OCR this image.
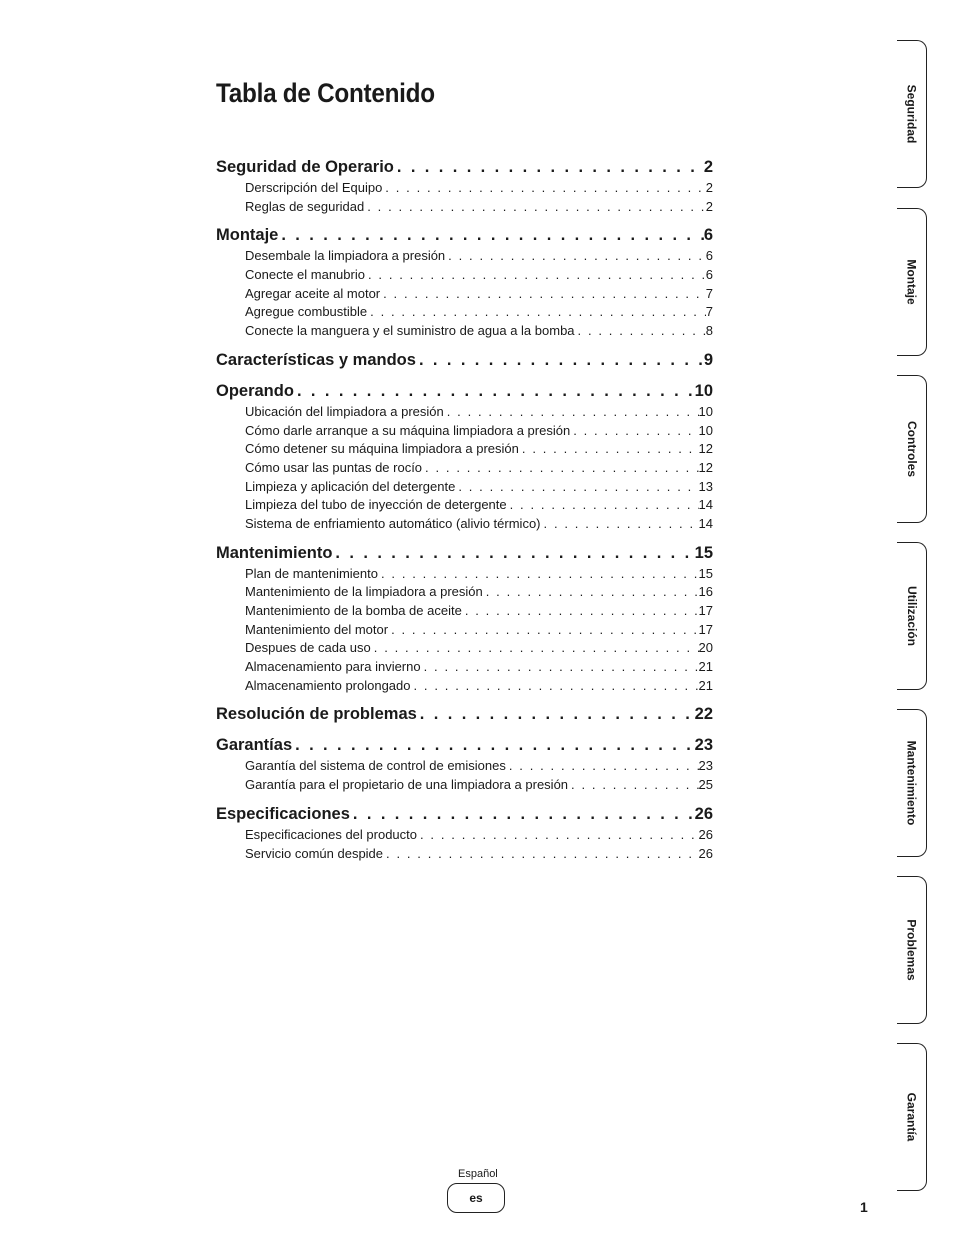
Tabla de Contenido
Seguridad de Operario . . .	2
Derscripción del Equipo . . .	2
Reglas de seguridad . . .	2
Montaje . . .	6
Desembale la limpiadora a presión . . .	6
Conecte el manubrio . . .	6
Agregar aceite al motor . . .	7
Agregue combustible . . .	7
Conecte la manguera y el suministro de agua a la bomba . . .	8
Características y mandos . . .	9
Operando . . .	10
Ubicación del limpiadora a presión . . .	10
Cómo darle arranque a su máquina limpiadora a presión . . .	10
Cómo detener su máquina limpiadora a presión . . .	12
Cómo usar las puntas de rocío . . .	12
Limpieza y aplicación del detergente . . .	13
Limpieza del tubo de inyección de detergente . . .	14
Sistema de enfriamiento automático (alivio térmico) . . .	14
Mantenimiento . . .	15
Plan de mantenimiento . . .	15
Mantenimiento de la limpiadora a presión . . .	16
Mantenimiento de la bomba de aceite . . .	17
Mantenimiento del motor . . .	17
Despues de cada uso . . .	20
Almacenamiento para invierno . . .	21
Almacenamiento prolongado . . .	21
Resolución de problemas . . .	22
Garantías . . .	23
Garantía del sistema de control de emisiones . . .	23
Garantía para el propietario de una limpiadora a presión . . .	25
Especificaciones . . .	26
Especificaciones del producto . . .	26
Servicio común despide . . .	26
Seguridad
Montaje
Controles
Utilización
Mantenimiento
Problemas
Garantía
Español
es
1
